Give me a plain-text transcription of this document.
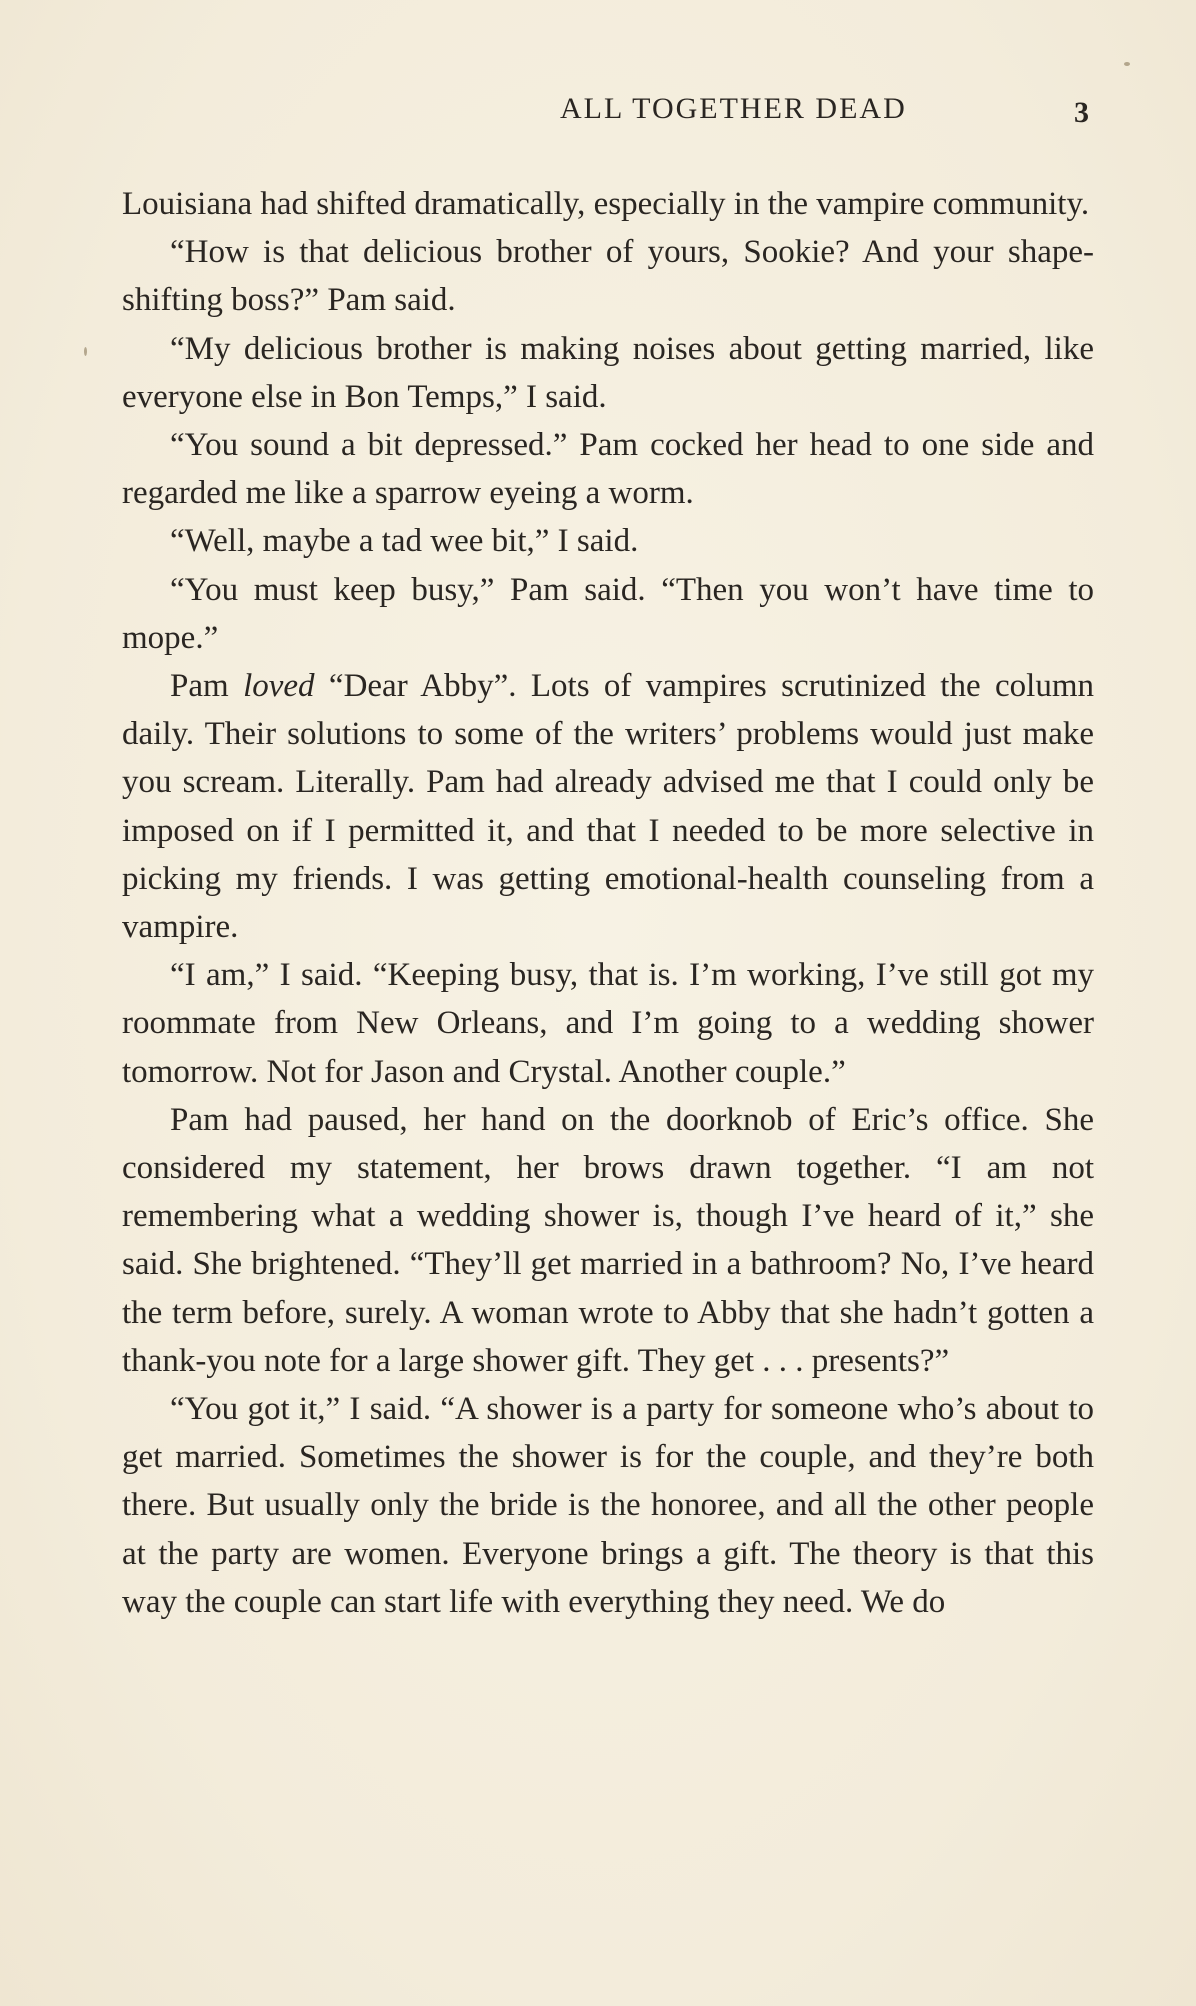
ALL TOGETHER DEAD	3

Louisiana had shifted dramatically, especially in the vampire community.

“How is that delicious brother of yours, Sookie? And your shape-shifting boss?” Pam said.

“My delicious brother is making noises about getting married, like everyone else in Bon Temps,” I said.

“You sound a bit depressed.” Pam cocked her head to one side and regarded me like a sparrow eyeing a worm.

“Well, maybe a tad wee bit,” I said.

“You must keep busy,” Pam said. “Then you won’t have time to mope.”

Pam loved “Dear Abby”. Lots of vampires scrutinized the column daily. Their solutions to some of the writers’ problems would just make you scream. Literally. Pam had already advised me that I could only be imposed on if I permitted it, and that I needed to be more selective in picking my friends. I was getting emotional-health counseling from a vampire.

“I am,” I said. “Keeping busy, that is. I’m working, I’ve still got my roommate from New Orleans, and I’m going to a wedding shower tomorrow. Not for Jason and Crystal. Another couple.”

Pam had paused, her hand on the doorknob of Eric’s office. She considered my statement, her brows drawn together. “I am not remembering what a wedding shower is, though I’ve heard of it,” she said. She brightened. “They’ll get married in a bathroom? No, I’ve heard the term before, surely. A woman wrote to Abby that she hadn’t gotten a thank-you note for a large shower gift. They get . . . presents?”

“You got it,” I said. “A shower is a party for someone who’s about to get married. Sometimes the shower is for the couple, and they’re both there. But usually only the bride is the honoree, and all the other people at the party are women. Everyone brings a gift. The theory is that this way the couple can start life with everything they need. We do
